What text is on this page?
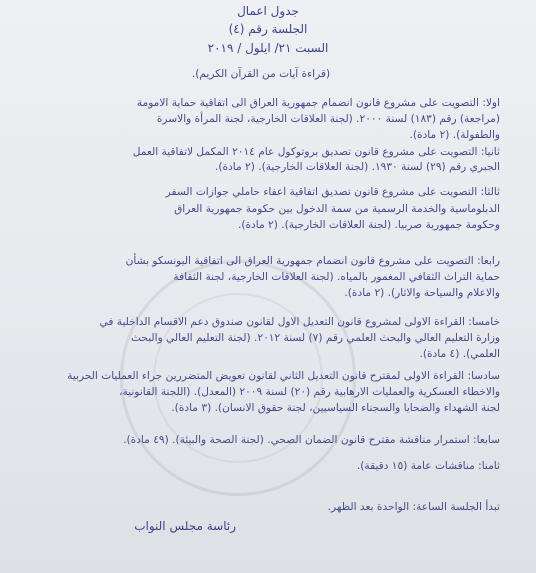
جدول اعمال
الجلسة رقم (٤)
السبت ٢١/ ايلول / ٢٠١٩
(قراءة آيات من القرآن الكريم).
اولا: التصويت على مشروع قانون انضمام جمهورية العراق الى اتفاقية حماية الامومة
(مراجعة) رقم (١٨٣) لسنة ٢٠٠٠. (لجنة العلاقات الخارجية، لجنة المرأة والاسرة
والطفولة). (٢ مادة).
ثانيا: التصويت على مشروع قانون تصديق بروتوكول عام ٢٠١٤ المكمل لاتفاقية العمل
الجبري رقم (٢٩) لسنة ١٩٣٠. (لجنة العلاقات الخارجية). (٢ مادة).
ثالثا: التصويت على مشروع قانون تصديق اتفاقية اعفاء حاملي جوازات السفر
الدبلوماسية والخدمة الرسمية من سمة الدخول بين حكومة جمهورية العراق
وحكومة جمهورية صربيا. (لجنة العلاقات الخارجية). (٢ مادة).
رابعا: التصويت على مشروع قانون انضمام جمهورية العراق الى اتفاقية اليونسكو بشأن
حماية التراث الثقافي المغمور بالمياه. (لجنة العلاقات الخارجية، لجنة الثقافة
والاعلام والسياحة والاثار). (٢ مادة).
خامسا: القراءة الاولى لمشروع قانون التعديل الاول لقانون صندوق دعم الاقسام الداخلية في
وزارة التعليم العالي والبحث العلمي رقم (٧) لسنة ٢٠١٢. (لجنة التعليم العالي والبحث
العلمي). (٤ مادة).
سادسا: القراءة الاولى لمقترح قانون التعديل الثاني لقانون تعويض المتضررين جراء العمليات الحربية
والاخطاء العسكرية والعمليات الارهابية رقم (٢٠) لسنة ٢٠٠٩ (المعدل). (اللجنة القانونية،
لجنة الشهداء والضحايا والسجناء السياسيين، لجنة حقوق الانسان). (٣ مادة).
سابعا: استمرار مناقشة مقترح قانون الضمان الصحي. (لجنة الصحة والبيئة). (٤٩ مادة).
ثامنا: مناقشات عامة (١٥ دقيقة).
تبدأ الجلسة الساعة: الواحدة بعد الظهر.
رئاسة مجلس النواب
